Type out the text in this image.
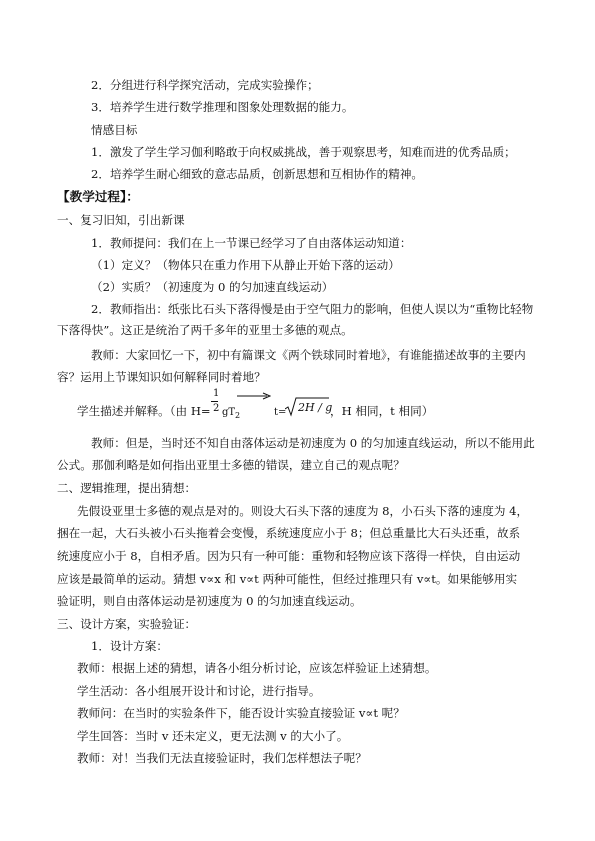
2．分组进行科学探究活动，完成实验操作；
3．培养学生进行数学推理和图象处理数据的能力。
情感目标
1．激发了学生学习伽利略敢于向权威挑战，善于观察思考，知难而进的优秀品质；
2．培养学生耐心细致的意志品质，创新思想和互相协作的精神。
【教学过程】：
一、复习旧知，引出新课
1．教师提问：我们在上一节课已经学习了自由落体运动知道：
（1）定义？（物体只在重力作用下从静止开始下落的运动）
（2）实质？（初速度为 0 的匀加速直线运动）
2．教师指出：纸张比石头下落得慢是由于空气阻力的影响，但使人误以为“重物比轻物
下落得快”。这正是统治了两千多年的亚里士多德的观点。
教师：大家回忆一下，初中有篇课文《两个铁球同时着地》，有谁能描述故事的主要内
容？运用上节课知识如何解释同时着地？
学生描述并解释。（由 H=
1
2 gT 2	t= 2H / g
，H 相同，t 相同）
教师：但是，当时还不知自由落体运动是初速度为 0 的匀加速直线运动，所以不能用此
公式。那伽利略是如何指出亚里士多德的错误，建立自己的观点呢？
二、逻辑推理，提出猜想：
先假设亚里士多德的观点是对的。则设大石头下落的速度为 8，小石头下落的速度为 4，
捆在一起，大石头被小石头拖着会变慢，系统速度应小于 8；但总重量比大石头还重，故系
统速度应小于 8，自相矛盾。因为只有一种可能：重物和轻物应该下落得一样快，自由运动
应该是最简单的运动。猜想 v∝x 和 v∝t 两种可能性，但经过推理只有 v∝t。如果能够用实
验证明，则自由落体运动是初速度为 0 的匀加速直线运动。
三、设计方案，实验验证：
1．设计方案：
教师：根据上述的猜想，请各小组分析讨论，应该怎样验证上述猜想。
学生活动：各小组展开设计和讨论，进行指导。
教师问：在当时的实验条件下，能否设计实验直接验证 v∝t 呢？
学生回答：当时 v 还未定义，更无法测 v 的大小了。
教师：对！当我们无法直接验证时，我们怎样想法子呢？
